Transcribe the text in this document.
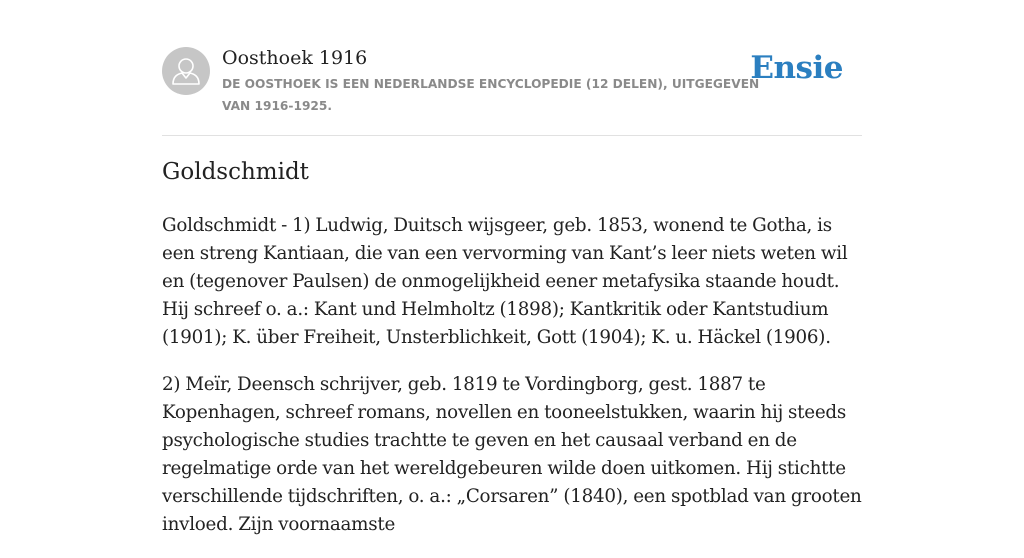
Oosthoek 1916
DE OOSTHOEK IS EEN NEDERLANDSE ENCYCLOPEDIE (12 DELEN), UITGEGEVEN VAN 1916-1925.
Ensie
Goldschmidt

Goldschmidt - 1) Ludwig, Duitsch wijsgeer, geb. 1853, wonend te Gotha, is een streng Kantiaan, die van een vervorming van Kant’s leer niets weten wil en (tegenover Paulsen) de onmogelijkheid eener metafysika staande houdt. Hij schreef o. a.: Kant und Helmholtz (1898); Kantkritik oder Kantstudium (1901); K. über Freiheit, Unsterblichkeit, Gott (1904); K. u. Häckel (1906).

2) Meïr, Deensch schrijver, geb. 1819 te Vordingborg, gest. 1887 te Kopenhagen, schreef romans, novellen en tooneelstukken, waarin hij steeds psychologische studies trachtte te geven en het causaal verband en de regelmatige orde van het wereldgebeuren wilde doen uitkomen. Hij stichtte verschillende tijdschriften, o. a.: „Corsaren” (1840), een spotblad van grooten invloed. Zijn voornaamste
